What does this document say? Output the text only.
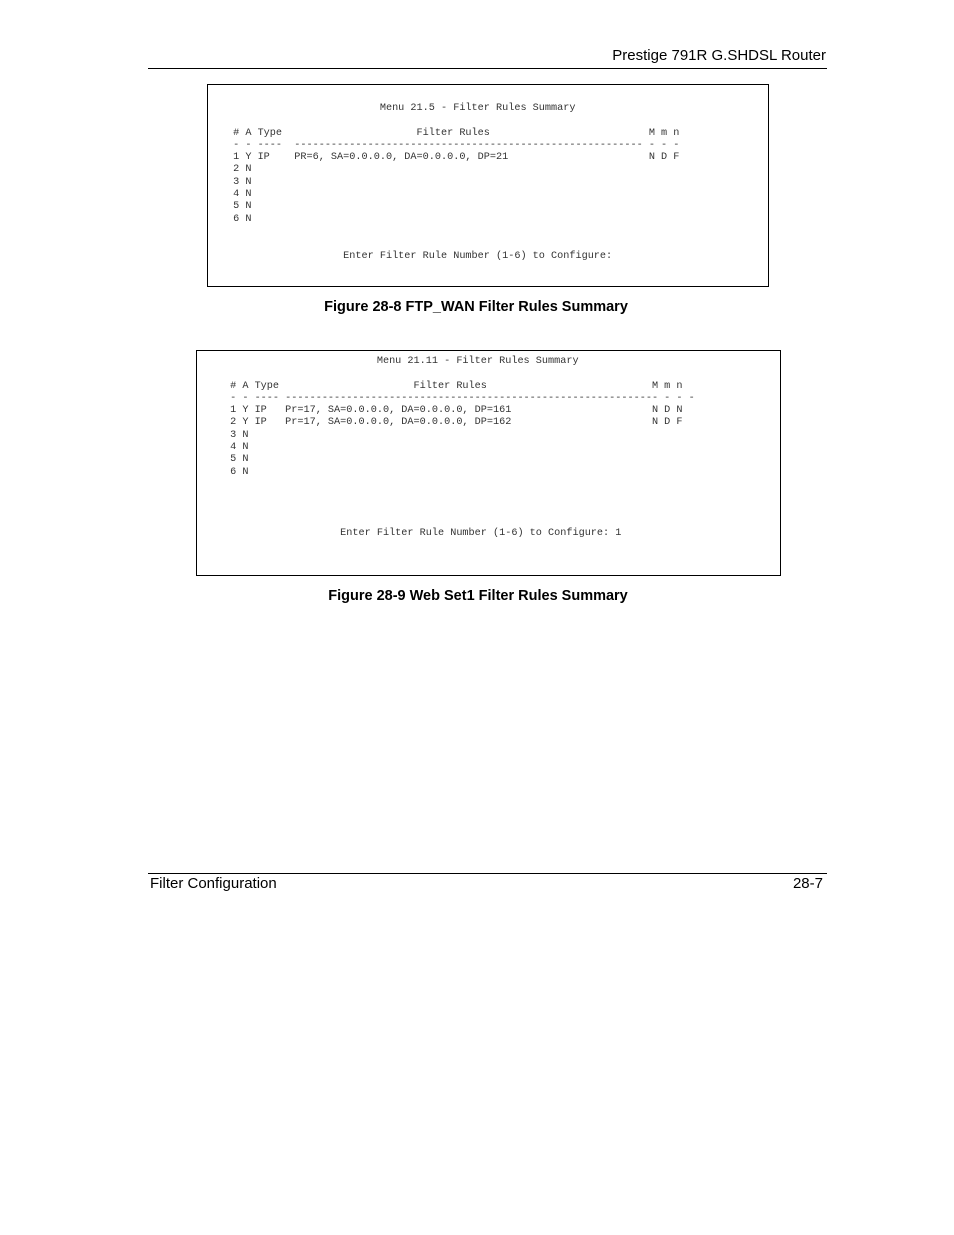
Prestige 791R G.SHDSL Router
Menu 21.5 - Filter Rules Summary

# A Type                      Filter Rules                          M m n
- - ----  --------------------------------------------------------- - - -
1 Y IP    PR=6, SA=0.0.0.0, DA=0.0.0.0, DP=21                       N D F
2 N
3 N
4 N
5 N
6 N

Enter Filter Rule Number (1-6) to Configure:
Figure 28-8 FTP_WAN Filter Rules Summary
Menu 21.11 - Filter Rules Summary

# A Type                      Filter Rules                           M m n
- - ---- ------------------------------------------------------------- - - -
1 Y IP   Pr=17, SA=0.0.0.0, DA=0.0.0.0, DP=161                       N D N
2 Y IP   Pr=17, SA=0.0.0.0, DA=0.0.0.0, DP=162                       N D F
3 N
4 N
5 N
6 N

Enter Filter Rule Number (1-6) to Configure: 1
Figure 28-9 Web Set1 Filter Rules Summary
Filter Configuration	28-7
